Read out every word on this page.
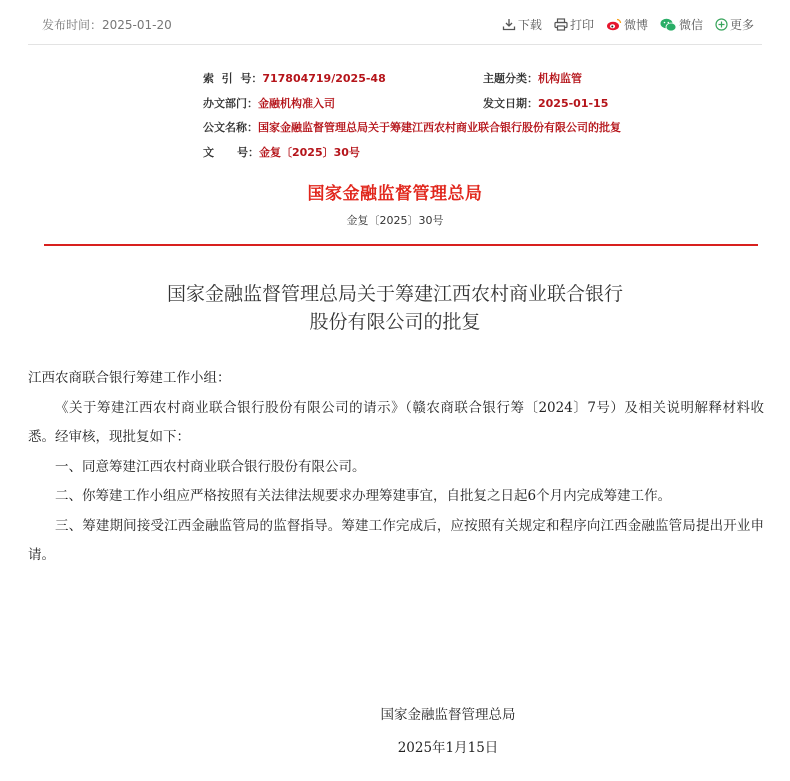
发布时间：2025-01-20	下载 打印	微博	微信 更多
索  引  号：717804719/2025-48	主题分类：机构监管
办文部门：金融机构准入司	发文日期：2025-01-15
公文名称：国家金融监督管理总局关于筹建江西农村商业联合银行股份有限公司的批复
文      号：金复〔2025〕30号
国家金融监督管理总局
金复〔2025〕30号
国家金融监督管理总局关于筹建江西农村商业联合银行
股份有限公司的批复

江西农商联合银行筹建工作小组：

《关于筹建江西农村商业联合银行股份有限公司的请示》（赣农商联合银行筹〔2024〕7号）及相关说明解释材料收悉。经审核，现批复如下：

一、同意筹建江西农村商业联合银行股份有限公司。

二、你筹建工作小组应严格按照有关法律法规要求办理筹建事宜，自批复之日起6个月内完成筹建工作。

三、筹建期间接受江西金融监管局的监督指导。筹建工作完成后，应按照有关规定和程序向江西金融监管局提出开业申请。

国家金融监督管理总局
2025年1月15日
